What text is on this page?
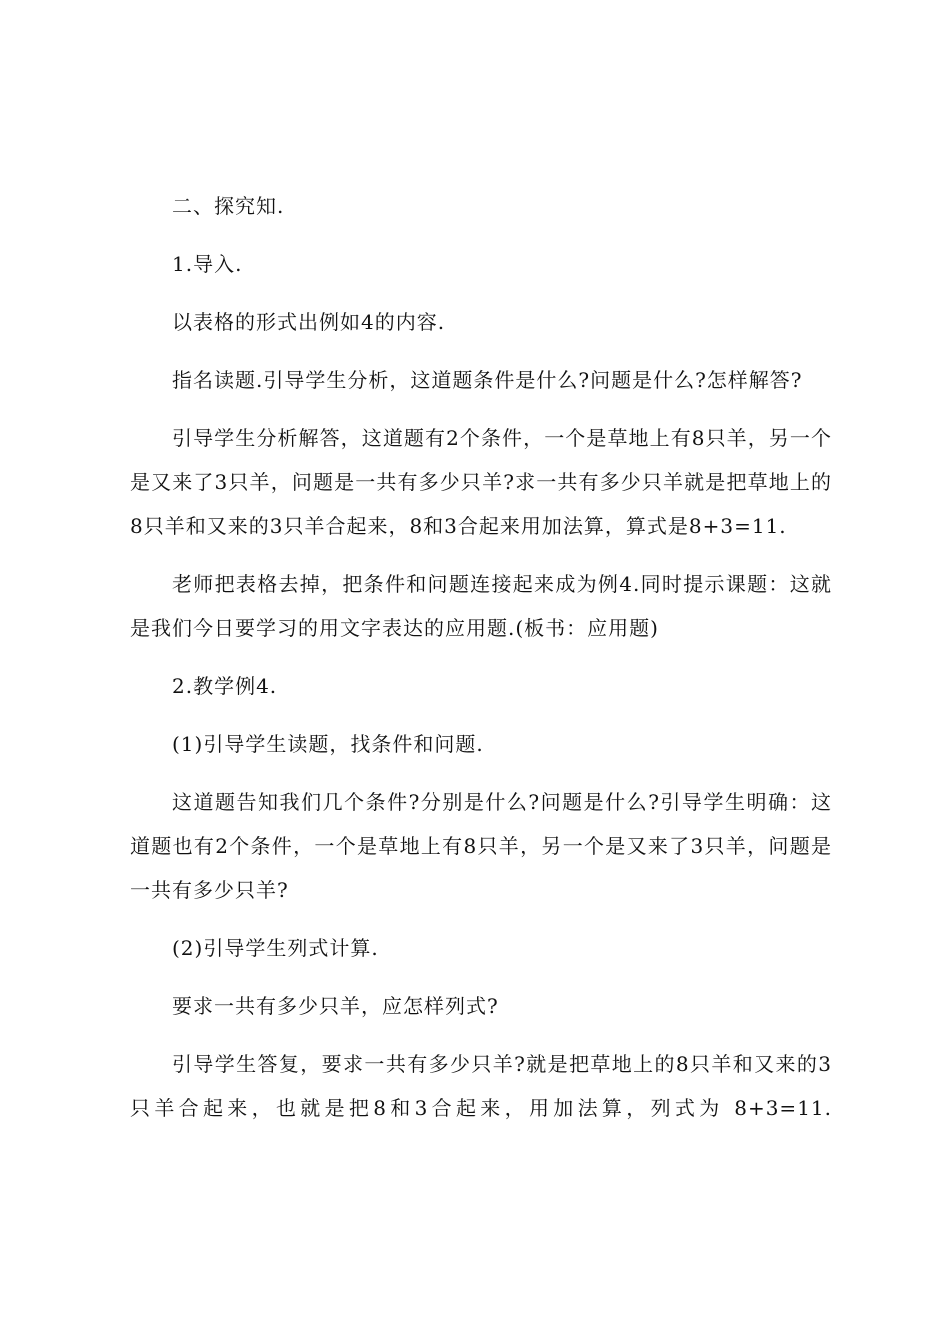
二、探究知.

1.导入.

以表格的形式出例如4的内容.

指名读题.引导学生分析，这道题条件是什么?问题是什么?怎样解答?

引导学生分析解答，这道题有2个条件，一个是草地上有8只羊，另一个是又来了3只羊，问题是一共有多少只羊?求一共有多少只羊就是把草地上的8只羊和又来的3只羊合起来，8和3合起来用加法算，算式是8+3=11.

老师把表格去掉，把条件和问题连接起来成为例4.同时提示课题：这就是我们今日要学习的用文字表达的应用题.(板书：应用题)

2.教学例4.

(1)引导学生读题，找条件和问题.

这道题告知我们几个条件?分别是什么?问题是什么?引导学生明确：这道题也有2个条件，一个是草地上有8只羊，另一个是又来了3只羊，问题是一共有多少只羊?

(2)引导学生列式计算.

要求一共有多少只羊，应怎样列式?

引导学生答复，要求一共有多少只羊?就是把草地上的8只羊和又来的3只羊合起来，也就是把8和3合起来，用加法算，列式为 8+3=11.
